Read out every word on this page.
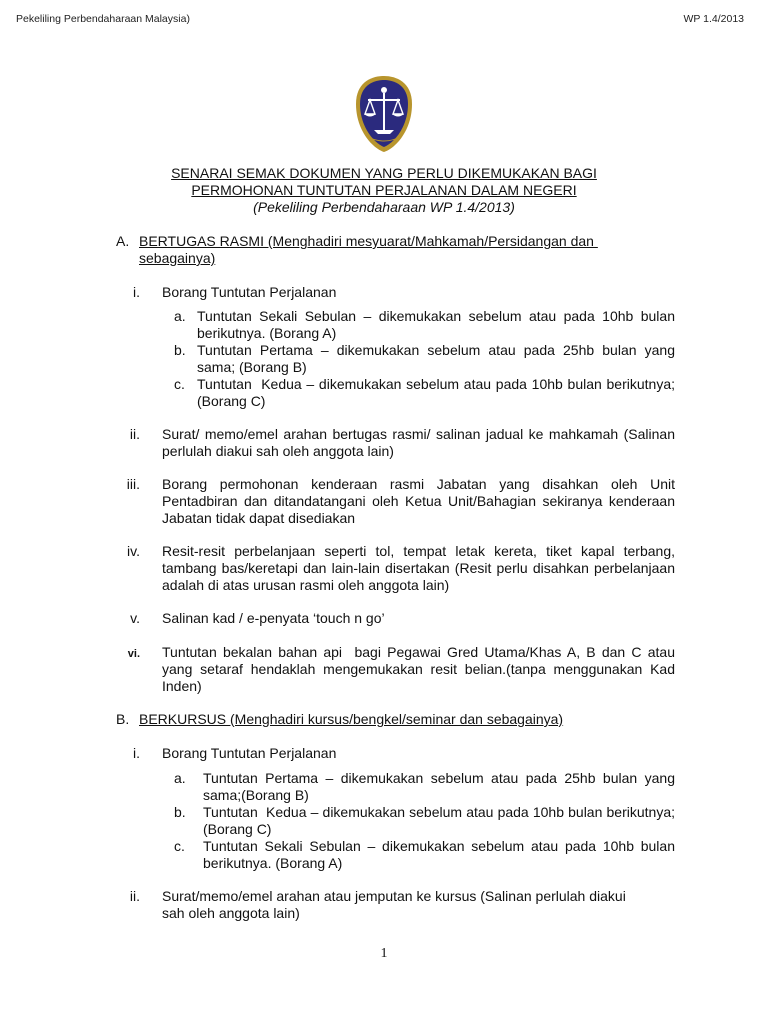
Pekeliling Perbendaharaan Malaysia)	WP 1.4/2013
SENARAI SEMAK DOKUMEN YANG PERLU DIKEMUKAKAN BAGI
PERMOHONAN TUNTUTAN PERJALANAN DALAM NEGERI
(Pekeliling Perbendaharaan WP 1.4/2013)
A. BERTUGAS RASMI (Menghadiri mesyuarat/Mahkamah/Persidangan dan
sebagainya)
i. Borang Tuntutan Perjalanan
a. Tuntutan Sekali Sebulan – dikemukakan sebelum atau pada 10hb bulan  berikutnya. (Borang A)
b. Tuntutan Pertama – dikemukakan sebelum atau pada 25hb bulan yang sama; (Borang B)
c. Tuntutan  Kedua – dikemukakan sebelum atau pada 10hb bulan berikutnya;(Borang C)
ii. Surat/ memo/emel arahan bertugas rasmi/ salinan jadual ke mahkamah (Salinan perlulah diakui sah oleh anggota lain)
iii. Borang permohonan kenderaan rasmi Jabatan yang disahkan oleh Unit Pentadbiran dan ditandatangani oleh Ketua Unit/Bahagian sekiranya kenderaan Jabatan tidak dapat disediakan
iv. Resit-resit perbelanjaan seperti tol, tempat letak kereta, tiket kapal terbang, tambang bas/keretapi dan lain-lain disertakan (Resit perlu disahkan perbelanjaan adalah di atas urusan rasmi oleh anggota lain)
v. Salinan kad / e-penyata ‘touch n go’
vi. Tuntutan bekalan bahan api  bagi Pegawai Gred Utama/Khas A, B dan C atau yang setaraf hendaklah mengemukakan resit belian.(tanpa menggunakan Kad Inden)
B. BERKURSUS (Menghadiri kursus/bengkel/seminar dan sebagainya)
i. Borang Tuntutan Perjalanan
a.	Tuntutan Pertama – dikemukakan sebelum atau pada 25hb bulan yang sama;(Borang B)
b.	Tuntutan  Kedua – dikemukakan sebelum atau pada 10hb bulan berikutnya;(Borang C)
c.	Tuntutan Sekali Sebulan – dikemukakan sebelum atau pada 10hb bulan  berikutnya. (Borang A)
ii. Surat/memo/emel arahan atau jemputan ke kursus (Salinan perlulah diakui sah oleh anggota lain)
1
